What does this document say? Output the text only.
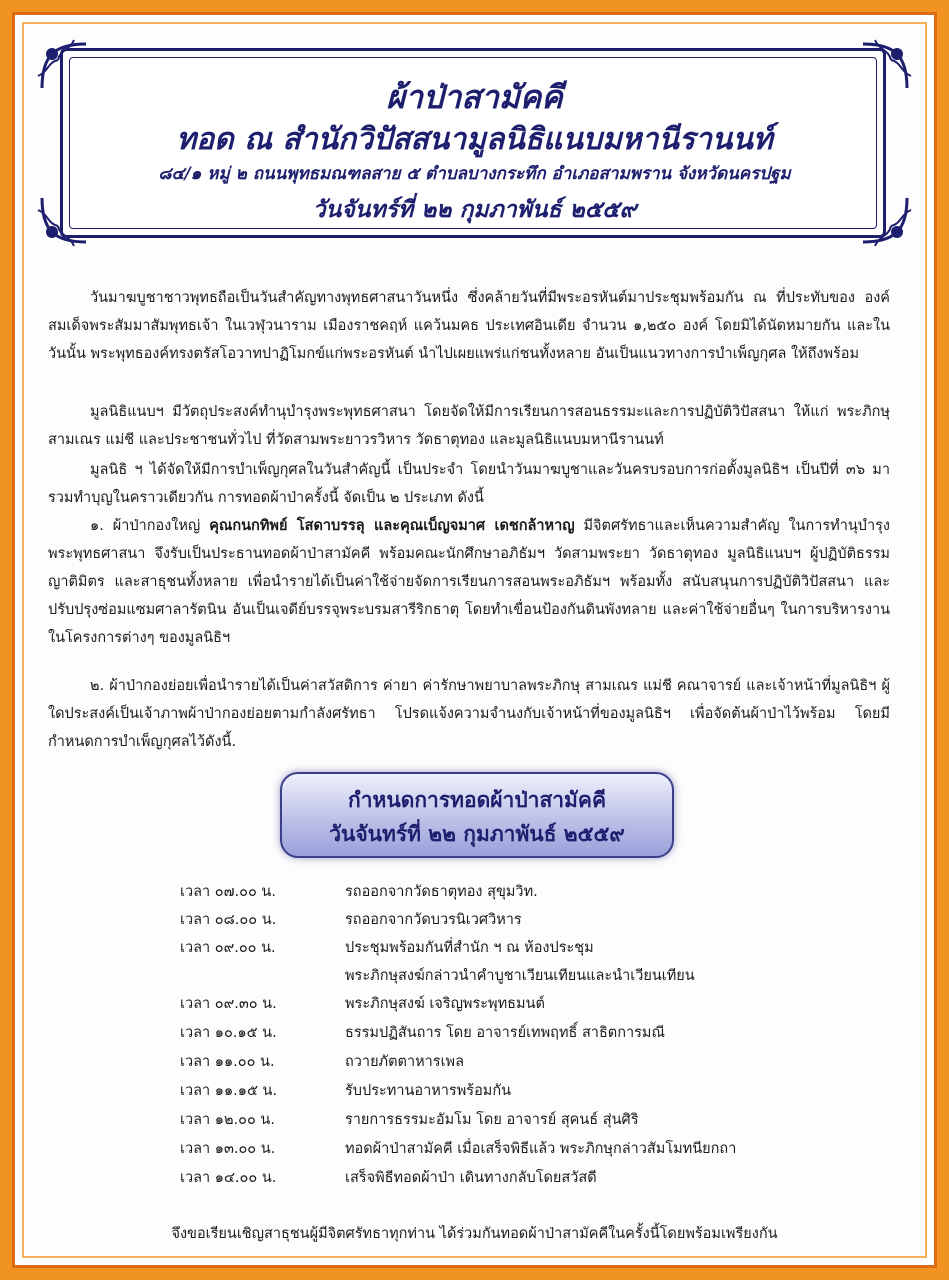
ผ้าป่าสามัคคี
ทอด ณ สำนักวิปัสสนามูลนิธิแนบมหานีรานนท์
๘๔/๑ หมู่ ๒ ถนนพุทธมณฑลสาย ๕ ตำบลบางกระทึก อำเภอสามพราน จังหวัดนครปฐม
วันจันทร์ที่ ๒๒ กุมภาพันธ์ ๒๕๕๙
วันมาฆบูชาชาวพุทธถือเป็นวันสำคัญทางพุทธศาสนาวันหนึ่ง ซึ่งคล้ายวันที่มีพระอรหันต์มาประชุมพร้อมกัน ณ ที่ประทับของ องค์สมเด็จพระสัมมาสัมพุทธเจ้า ในเวฬุวนาราม เมืองราชคฤห์ แคว้นมคธ ประเทศอินเดีย จำนวน ๑,๒๕๐ องค์ โดยมิได้นัดหมายกัน และในวันนั้น พระพุทธองค์ทรงตรัสโอวาทปาฏิโมกข์แก่พระอรหันต์ นำไปเผยแพร่แก่ชนทั้งหลาย อันเป็นแนวทางการบำเพ็ญกุศล ให้ถึงพร้อม
มูลนิธิแนบฯ มีวัตถุประสงค์ทำนุบำรุงพระพุทธศาสนา โดยจัดให้มีการเรียนการสอนธรรมะและการปฏิบัติวิปัสสนา ให้แก่ พระภิกษุ สามเณร แม่ชี และประชาชนทั่วไป ที่วัดสามพระยาวรวิหาร วัดธาตุทอง และมูลนิธิแนบมหานีรานนท์
มูลนิธิ ฯ ได้จัดให้มีการบำเพ็ญกุศลในวันสำคัญนี้ เป็นประจำ โดยนำวันมาฆบูชาและวันครบรอบการก่อตั้งมูลนิธิฯ เป็นปีที่ ๓๖ มารวมทำบุญในคราวเดียวกัน การทอดผ้าป่าครั้งนี้ จัดเป็น ๒ ประเภท ดังนี้
๑. ผ้าป่ากองใหญ่ คุณกนกทิพย์ โสดาบรรลุ และคุณเบ็ญจมาศ เดชกล้าหาญ มีจิตศรัทธาและเห็นความสำคัญ ในการทำนุบำรุงพระพุทธศาสนา จึงรับเป็นประธานทอดผ้าป่าสามัคคี พร้อมคณะนักศึกษาอภิธัมฯ วัดสามพระยา วัดธาตุทอง มูลนิธิแนบฯ ผู้ปฏิบัติธรรม ญาติมิตร และสาธุชนทั้งหลาย เพื่อนำรายได้เป็นค่าใช้จ่ายจัดการเรียนการสอนพระอภิธัมฯ พร้อมทั้ง สนับสนุนการปฏิบัติวิปัสสนา และปรับปรุงซ่อมแซมศาลารัตนิน อันเป็นเจดีย์บรรจุพระบรมสารีริกธาตุ โดยทำเขื่อนป้องกันดินพังทลาย และค่าใช้จ่ายอื่นๆ ในการบริหารงาน ในโครงการต่างๆ ของมูลนิธิฯ
๒. ผ้าป่ากองย่อยเพื่อนำรายได้เป็นค่าสวัสดิการ ค่ายา ค่ารักษาพยาบาลพระภิกษุ สามเณร แม่ชี คณาจารย์ และเจ้าหน้าที่มูลนิธิฯ ผู้ใดประสงค์เป็นเจ้าภาพผ้าป่ากองย่อยตามกำลังศรัทธา โปรดแจ้งความจำนงกับเจ้าหน้าที่ของมูลนิธิฯ เพื่อจัดต้นผ้าป่าไว้พร้อม โดยมีกำหนดการบำเพ็ญกุศลไว้ดังนี้.
กำหนดการทอดผ้าป่าสามัคคี
วันจันทร์ที่ ๒๒ กุมภาพันธ์ ๒๕๕๙
เวลา ๐๗.๐๐ น.	รถออกจากวัดธาตุทอง สุขุมวิท.
เวลา ๐๘.๐๐ น.	รถออกจากวัดบวรนิเวศวิหาร
เวลา ๐๙.๐๐ น.	ประชุมพร้อมกันที่สำนัก ฯ ณ ห้องประชุม
พระภิกษุสงฆ์กล่าวนำคำบูชาเวียนเทียนและนำเวียนเทียน
เวลา ๐๙.๓๐ น.	พระภิกษุสงฆ์ เจริญพระพุทธมนต์
เวลา ๑๐.๑๕ น.	ธรรมปฏิสันถาร โดย อาจารย์เทพฤทธิ์ สาธิตการมณี
เวลา ๑๑.๐๐ น.	ถวายภัตตาหารเพล
เวลา ๑๑.๑๕ น.	รับประทานอาหารพร้อมกัน
เวลา ๑๒.๐๐ น.	รายการธรรมะอัมโม โดย อาจารย์ สุคนธ์ สุ่นศิริ
เวลา ๑๓.๐๐ น.	ทอดผ้าป่าสามัคคี เมื่อเสร็จพิธีแล้ว พระภิกษุกล่าวสัมโมทนียกถา
เวลา ๑๔.๐๐ น.	เสร็จพิธีทอดผ้าป่า เดินทางกลับโดยสวัสดี
จึงขอเรียนเชิญสาธุชนผู้มีจิตศรัทธาทุกท่าน ได้ร่วมกันทอดผ้าป่าสามัคคีในครั้งนี้โดยพร้อมเพรียงกัน
